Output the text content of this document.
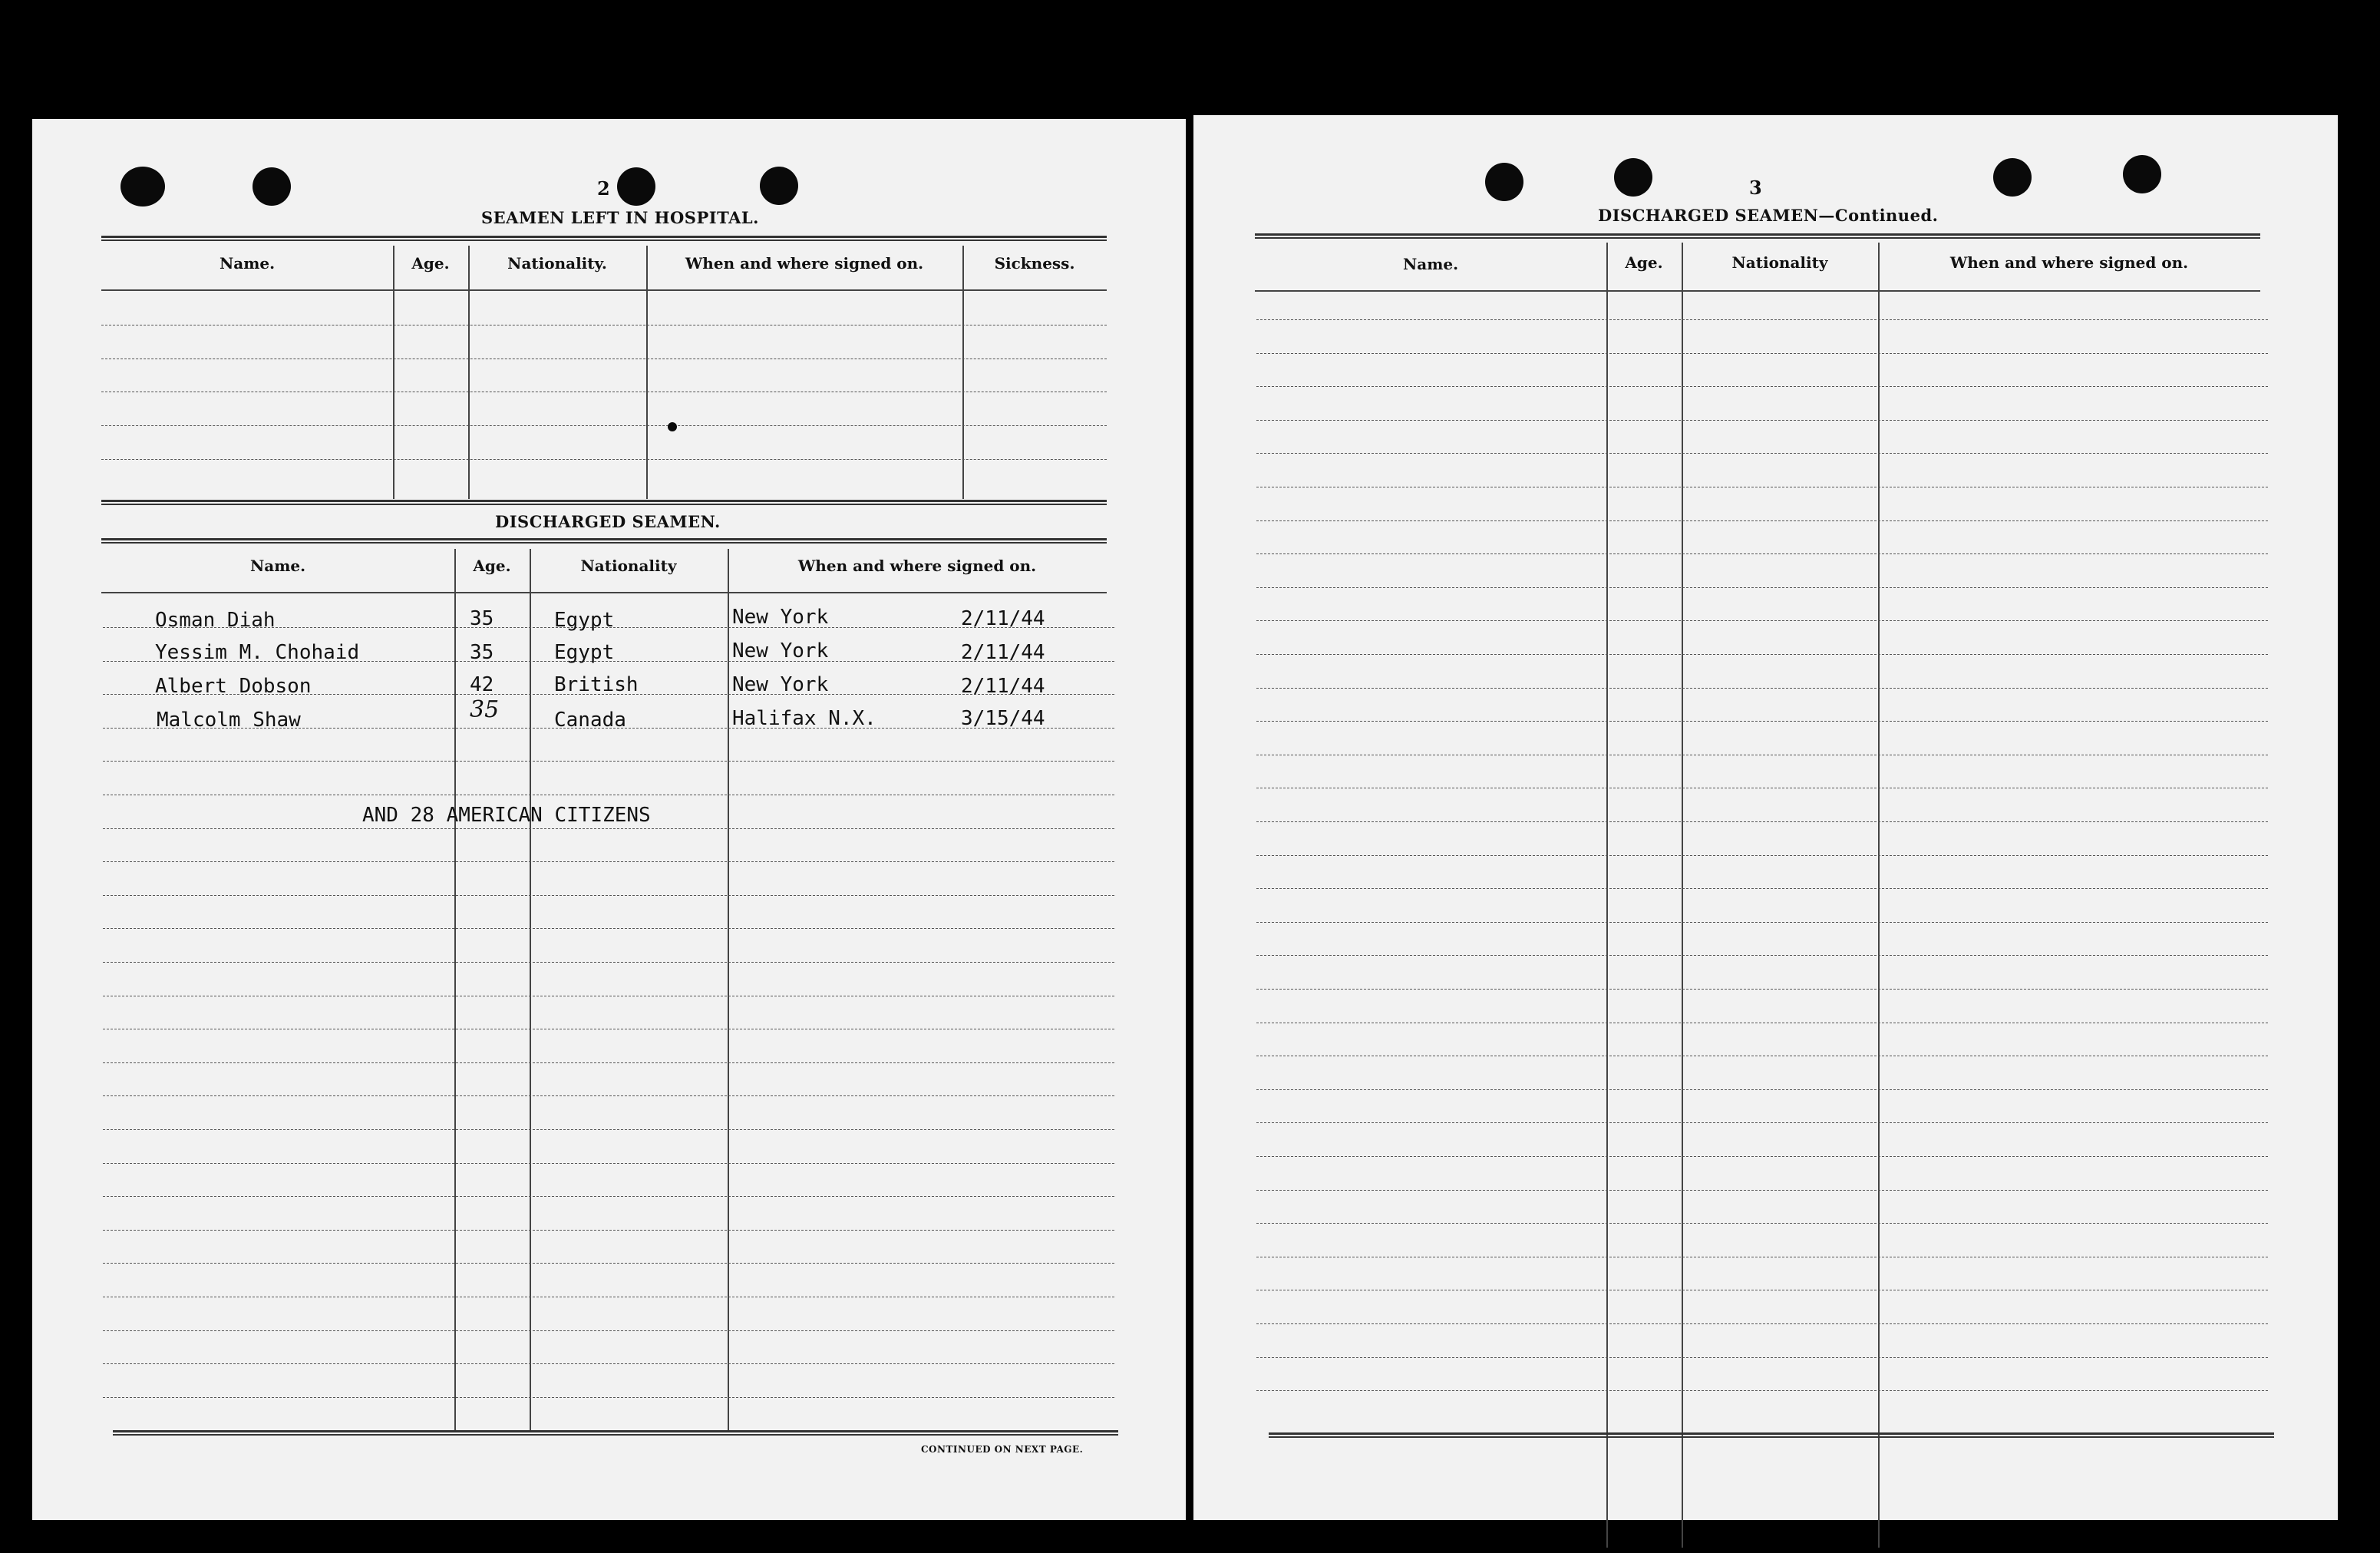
2
SEAMEN LEFT IN HOSPITAL.
Name.	Age.	Nationality.	When and where signed on.	Sickness.
DISCHARGED SEAMEN.
Name.	Age.	Nationality	When and where signed on.
Osman Diah	35	Egypt	New York	2/11/44
Yessim M. Chohaid	35	Egypt	New York	2/11/44
Albert Dobson	42	British	New York	2/11/44
Malcolm Shaw	35	Canada	Halifax N.X.	3/15/44
AND 28 AMERICAN CITIZENS
CONTINUED ON NEXT PAGE.
3
DISCHARGED SEAMEN—Continued.
Name.	Age.	Nationality	When and where signed on.
